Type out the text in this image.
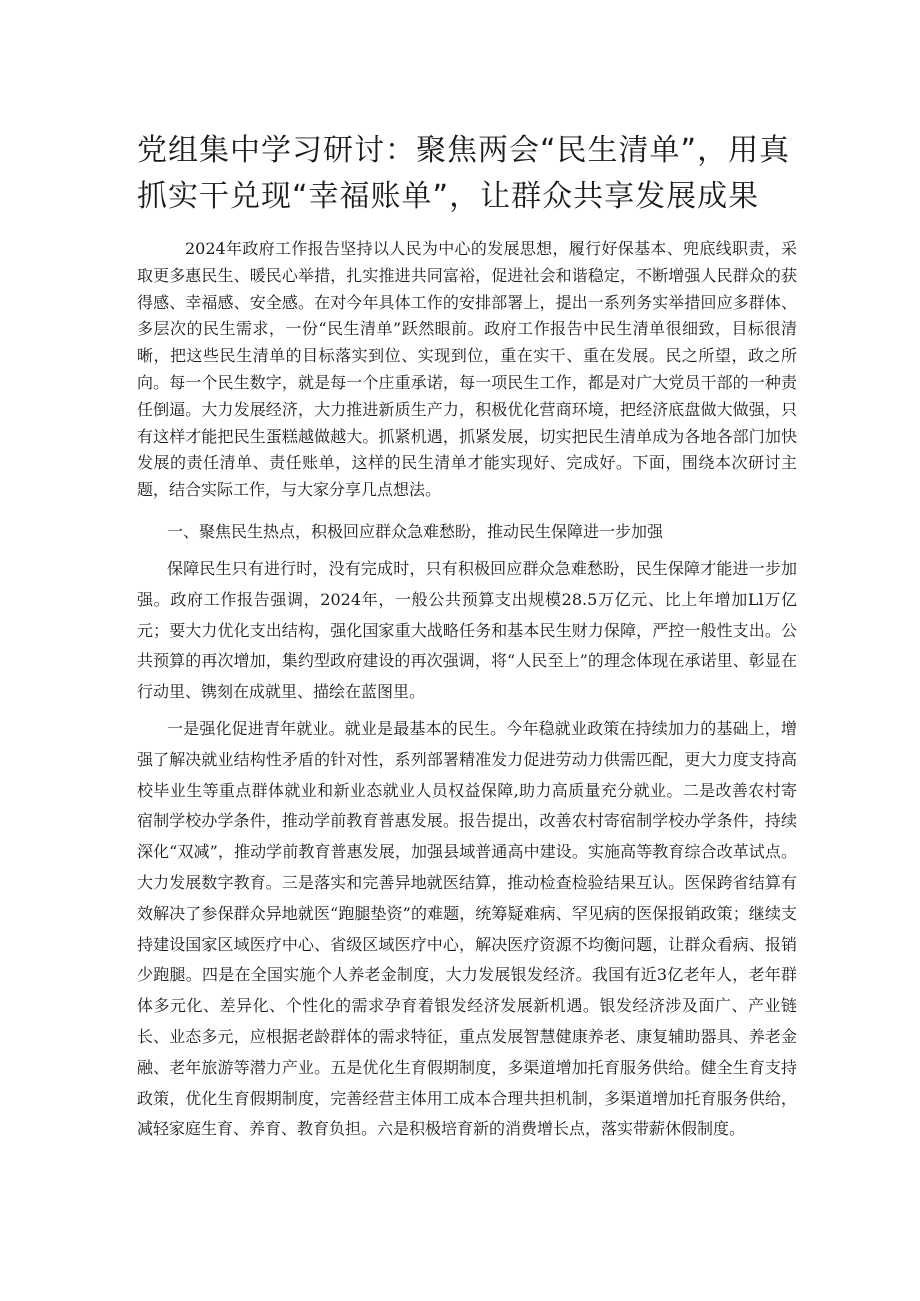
党组集中学习研讨：聚焦两会“民生清单”，用真抓实干兑现“幸福账单”，让群众共享发展成果

2024年政府工作报告坚持以人民为中心的发展思想，履行好保基本、兜底线职责，采取更多惠民生、暖民心举措，扎实推进共同富裕，促进社会和谐稳定，不断增强人民群众的获得感、幸福感、安全感。在对今年具体工作的安排部署上，提出一系列务实举措回应多群体、多层次的民生需求，一份“民生清单”跃然眼前。政府工作报告中民生清单很细致，目标很清晰，把这些民生清单的目标落实到位、实现到位，重在实干、重在发展。民之所望，政之所向。每一个民生数字，就是每一个庄重承诺，每一项民生工作，都是对广大党员干部的一种责任倒逼。大力发展经济，大力推进新质生产力，积极优化营商环境，把经济底盘做大做强，只有这样才能把民生蛋糕越做越大。抓紧机遇，抓紧发展，切实把民生清单成为各地各部门加快发展的责任清单、责任账单，这样的民生清单才能实现好、完成好。下面，围绕本次研讨主题，结合实际工作，与大家分享几点想法。

一、聚焦民生热点，积极回应群众急难愁盼，推动民生保障进一步加强

保障民生只有进行时，没有完成时，只有积极回应群众急难愁盼，民生保障才能进一步加强。政府工作报告强调，2024年，一般公共预算支出规模28.5万亿元、比上年增加Ll万亿元；要大力优化支出结构，强化国家重大战略任务和基本民生财力保障，严控一般性支出。公共预算的再次增加，集约型政府建设的再次强调，将“人民至上”的理念体现在承诺里、彰显在行动里、镌刻在成就里、描绘在蓝图里。

一是强化促进青年就业。就业是最基本的民生。今年稳就业政策在持续加力的基础上，增强了解决就业结构性矛盾的针对性，系列部署精准发力促进劳动力供需匹配，更大力度支持高校毕业生等重点群体就业和新业态就业人员权益保障,助力高质量充分就业。二是改善农村寄宿制学校办学条件，推动学前教育普惠发展。报告提出，改善农村寄宿制学校办学条件，持续深化“双减”，推动学前教育普惠发展，加强县域普通高中建设。实施高等教育综合改革试点。大力发展数字教育。三是落实和完善异地就医结算，推动检查检验结果互认。医保跨省结算有效解决了参保群众异地就医“跑腿垫资”的难题，统筹疑难病、罕见病的医保报销政策；继续支持建设国家区域医疗中心、省级区域医疗中心，解决医疗资源不均衡问题，让群众看病、报销少跑腿。四是在全国实施个人养老金制度，大力发展银发经济。我国有近3亿老年人，老年群体多元化、差异化、个性化的需求孕育着银发经济发展新机遇。银发经济涉及面广、产业链长、业态多元，应根据老龄群体的需求特征，重点发展智慧健康养老、康复辅助器具、养老金融、老年旅游等潜力产业。五是优化生育假期制度，多渠道增加托育服务供给。健全生育支持政策，优化生育假期制度，完善经营主体用工成本合理共担机制，多渠道增加托育服务供给，减轻家庭生育、养育、教育负担。六是积极培育新的消费增长点，落实带薪休假制度。
